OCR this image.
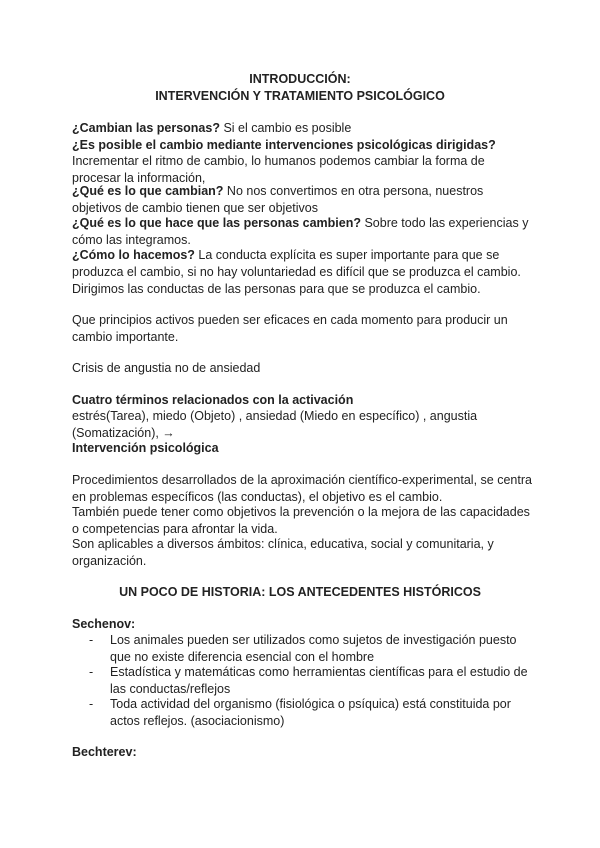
INTRODUCCIÓN:
INTERVENCIÓN Y TRATAMIENTO PSICOLÓGICO
¿Cambian las personas? Si el cambio es posible
¿Es posible el cambio mediante intervenciones psicológicas dirigidas?
Incrementar el ritmo de cambio, lo humanos podemos cambiar la forma de procesar la información,
¿Qué es lo que cambian? No nos convertimos en otra persona, nuestros objetivos de cambio tienen que ser objetivos
¿Qué es lo que hace que las personas cambien? Sobre todo las experiencias y cómo las integramos.
¿Cómo lo hacemos? La conducta explícita es super importante para que se produzca el cambio, si no hay voluntariedad es difícil que se produzca el cambio. Dirigimos las conductas de las personas para que se produzca el cambio.
Que principios activos pueden ser eficaces en cada momento para producir un cambio importante.
Crisis de angustia no de ansiedad
Cuatro términos relacionados con la activación
estrés(Tarea), miedo (Objeto) , ansiedad (Miedo en específico) , angustia (Somatización), →
Intervención psicológica
Procedimientos desarrollados de la aproximación científico-experimental, se centra en problemas específicos (las conductas), el objetivo es el cambio.
También puede tener como objetivos la prevención o la mejora de las capacidades o competencias para afrontar la vida.
Son aplicables a diversos ámbitos: clínica, educativa, social y comunitaria, y organización.
UN POCO DE HISTORIA: LOS ANTECEDENTES HISTÓRICOS
Sechenov:
- Los animales pueden ser utilizados como sujetos de investigación puesto que no existe diferencia esencial con el hombre
- Estadística y matemáticas como herramientas científicas para el estudio de las conductas/reflejos
- Toda actividad del organismo (fisiológica o psíquica) está constituida por actos reflejos. (asociacionismo)
Bechterev:
